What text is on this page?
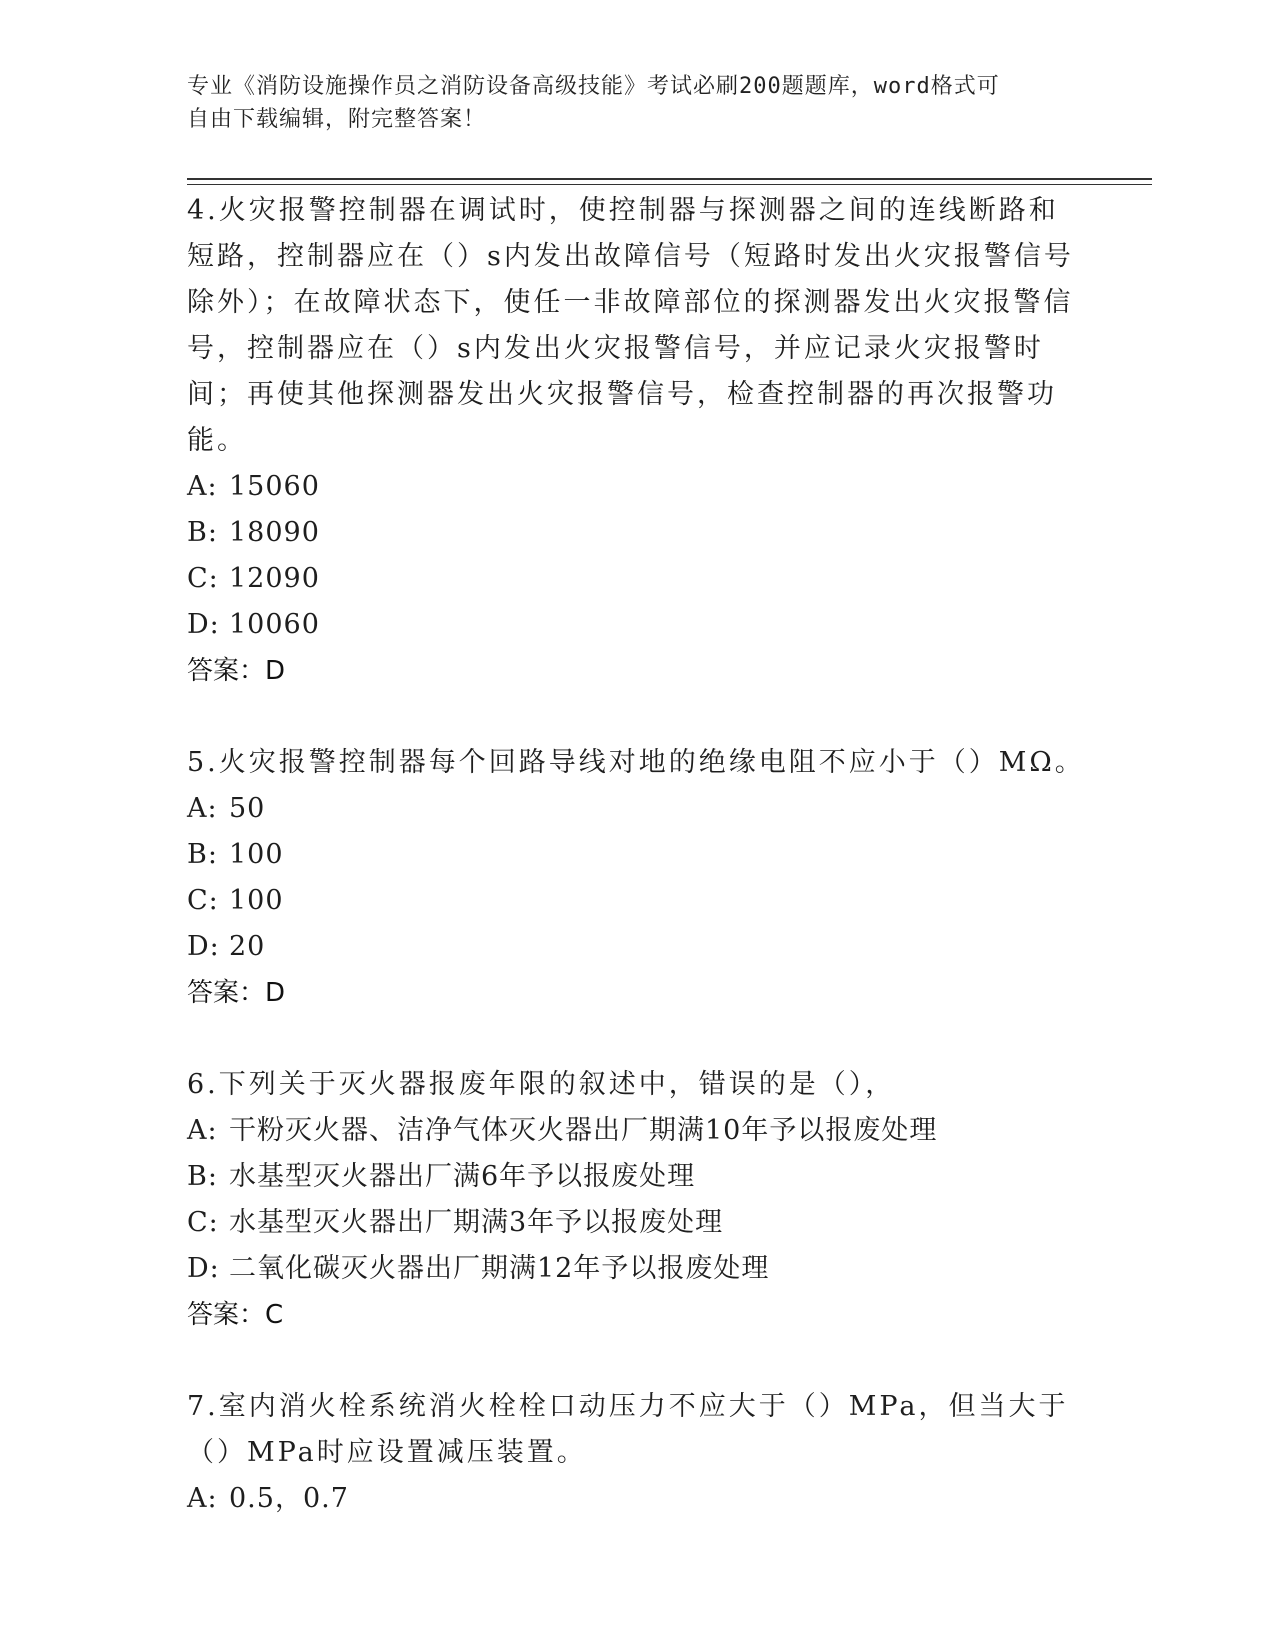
专业《消防设施操作员之消防设备高级技能》考试必刷200题题库，word格式可
自由下载编辑，附完整答案！

4.火灾报警控制器在调试时，使控制器与探测器之间的连线断路和短路，控制器应在（）s内发出故障信号（短路时发出火灾报警信号除外）；在故障状态下，使任一非故障部位的探测器发出火灾报警信号，控制器应在（）s内发出火灾报警信号，并应记录火灾报警时间；再使其他探测器发出火灾报警信号，检查控制器的再次报警功能。

A: 15060

B: 18090

C: 12090

D: 10060

答案：D

5.火灾报警控制器每个回路导线对地的绝缘电阻不应小于（）MΩ。

A: 50

B: 100

C: 100

D: 20

答案：D

6.下列关于灭火器报废年限的叙述中，错误的是（），

A: 干粉灭火器、洁净气体灭火器出厂期满10年予以报废处理

B: 水基型灭火器出厂满6年予以报废处理

C: 水基型灭火器出厂期满3年予以报废处理

D: 二氧化碳灭火器出厂期满12年予以报废处理

答案：C

7.室内消火栓系统消火栓栓口动压力不应大于（）MPa，但当大于（）MPa时应设置减压装置。

A: 0.5，0.7
